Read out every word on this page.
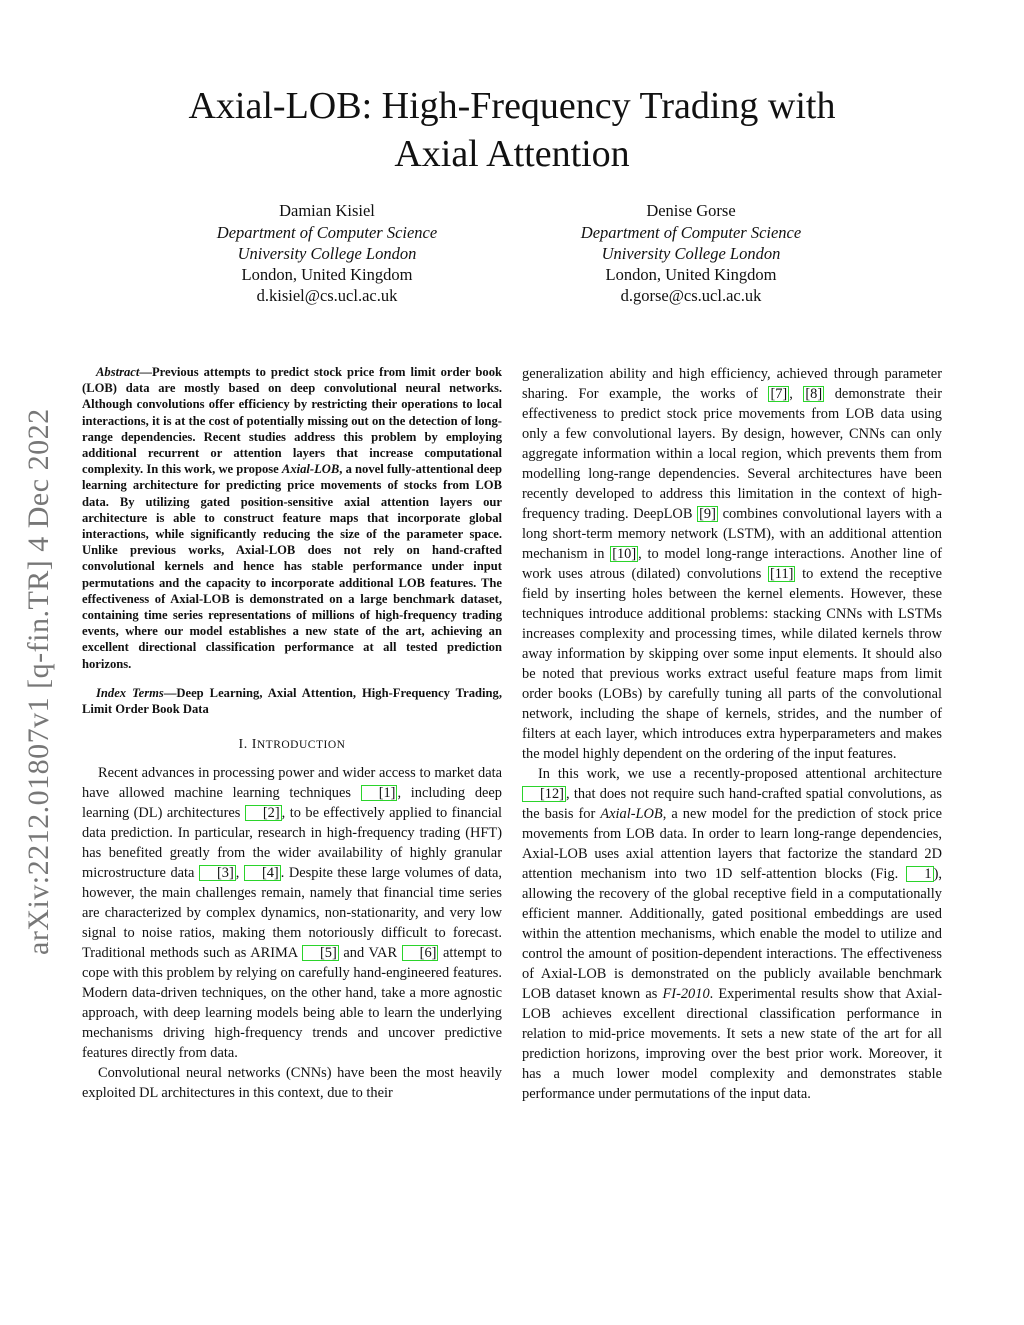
arXiv:2212.01807v1 [q-fin.TR] 4 Dec 2022
Axial-LOB: High-Frequency Trading with
Axial Attention
Damian Kisiel
Department of Computer Science
University College London
London, United Kingdom
d.kisiel@cs.ucl.ac.uk
Denise Gorse
Department of Computer Science
University College London
London, United Kingdom
d.gorse@cs.ucl.ac.uk

Abstract—Previous attempts to predict stock price from limit order book (LOB) data are mostly based on deep convolutional neural networks. Although convolutions offer efficiency by restricting their operations to local interactions, it is at the cost of potentially missing out on the detection of long-range dependencies. Recent studies address this problem by employing additional recurrent or attention layers that increase computational complexity. In this work, we propose Axial-LOB, a novel fully-attentional deep learning architecture for predicting price movements of stocks from LOB data. By utilizing gated position-sensitive axial attention layers our architecture is able to construct feature maps that incorporate global interactions, while significantly reducing the size of the parameter space. Unlike previous works, Axial-LOB does not rely on hand-crafted convolutional kernels and hence has stable performance under input permutations and the capacity to incorporate additional LOB features. The effectiveness of Axial-LOB is demonstrated on a large benchmark dataset, containing time series representations of millions of high-frequency trading events, where our model establishes a new state of the art, achieving an excellent directional classification performance at all tested prediction horizons.

Index Terms—Deep Learning, Axial Attention, High-Frequency Trading, Limit Order Book Data

I. INTRODUCTION

Recent advances in processing power and wider access to market data have allowed machine learning techniques [1] , including deep learning (DL) architectures [2] , to be effectively applied to financial data prediction. In particular, research in high-frequency trading (HFT) has benefited greatly from the wider availability of highly granular microstructure data [3] , [4] . Despite these large volumes of data, however, the main challenges remain, namely that financial time series are characterized by complex dynamics, non-stationarity, and very low signal to noise ratios, making them notoriously difficult to forecast. Traditional methods such as ARIMA [5] and VAR [6] attempt to cope with this problem by relying on carefully hand-engineered features. Modern data-driven techniques, on the other hand, take a more agnostic approach, with deep learning models being able to learn the underlying mechanisms driving high-frequency trends and uncover predictive features directly from data.

Convolutional neural networks (CNNs) have been the most heavily exploited DL architectures in this context, due to their

generalization ability and high efficiency, achieved through parameter sharing. For example, the works of [7] , [8] demonstrate their effectiveness to predict stock price movements from LOB data using only a few convolutional layers. By design, however, CNNs can only aggregate information within a local region, which prevents them from modelling long-range dependencies. Several architectures have been recently developed to address this limitation in the context of high-frequency trading. DeepLOB [9] combines convolutional layers with a long short-term memory network (LSTM), with an additional attention mechanism in [10] , to model long-range interactions. Another line of work uses atrous (dilated) convolutions [11] to extend the receptive field by inserting holes between the kernel elements. However, these techniques introduce additional problems: stacking CNNs with LSTMs increases complexity and processing times, while dilated kernels throw away information by skipping over some input elements. It should also be noted that previous works extract useful feature maps from limit order books (LOBs) by carefully tuning all parts of the convolutional network, including the shape of kernels, strides, and the number of filters at each layer, which introduces extra hyperparameters and makes the model highly dependent on the ordering of the input features.

In this work, we use a recently-proposed attentional architecture [12] , that does not require such hand-crafted spatial convolutions, as the basis for Axial-LOB, a new model for the prediction of stock price movements from LOB data. In order to learn long-range dependencies, Axial-LOB uses axial attention layers that factorize the standard 2D attention mechanism into two 1D self-attention blocks (Fig. 1 ), allowing the recovery of the global receptive field in a computationally efficient manner. Additionally, gated positional embeddings are used within the attention mechanisms, which enable the model to utilize and control the amount of position-dependent interactions. The effectiveness of Axial-LOB is demonstrated on the publicly available benchmark LOB dataset known as FI-2010. Experimental results show that Axial-LOB achieves excellent directional classification performance in relation to mid-price movements. It sets a new state of the art for all prediction horizons, improving over the best prior work. Moreover, it has a much lower model complexity and demonstrates stable performance under permutations of the input data.
